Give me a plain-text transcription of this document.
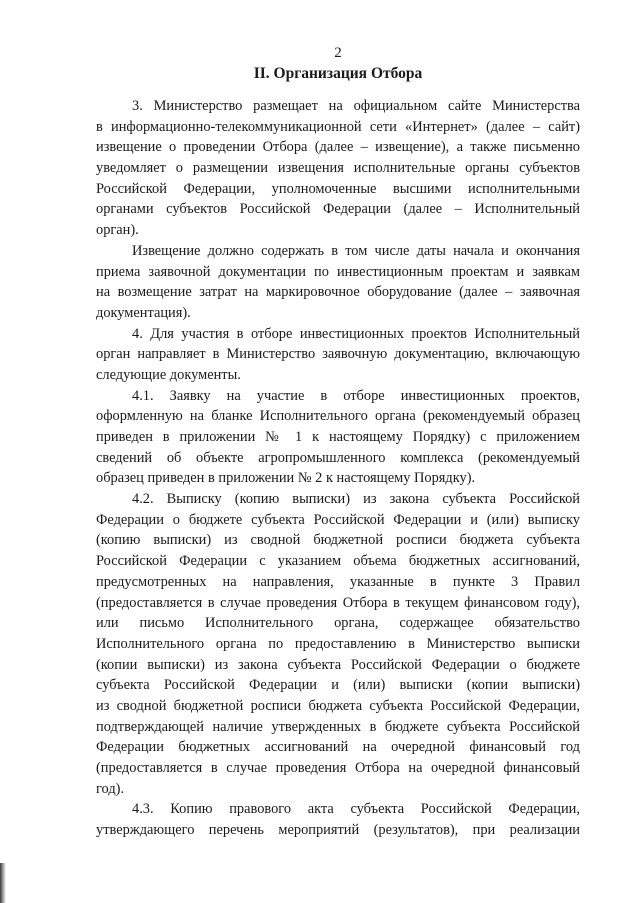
2
II. Организация Отбора
3. Министерство размещает на официальном сайте Министерства
в информационно-телекоммуникационной сети «Интернет» (далее – сайт)
извещение о проведении Отбора (далее – извещение), а также письменно
уведомляет о размещении извещения исполнительные органы субъектов
Российской Федерации, уполномоченные высшими исполнительными
органами субъектов Российской Федерации (далее – Исполнительный
орган).
Извещение должно содержать в том числе даты начала и окончания
приема заявочной документации по инвестиционным проектам и заявкам
на возмещение затрат на маркировочное оборудование (далее – заявочная
документация).
4. Для участия в отборе инвестиционных проектов Исполнительный
орган направляет в Министерство заявочную документацию, включающую
следующие документы.
4.1. Заявку на участие в отборе инвестиционных проектов,
оформленную на бланке Исполнительного органа (рекомендуемый образец
приведен в приложении № 1 к настоящему Порядку) с приложением
сведений об объекте агропромышленного комплекса (рекомендуемый
образец приведен в приложении № 2 к настоящему Порядку).
4.2. Выписку (копию выписки) из закона субъекта Российской
Федерации о бюджете субъекта Российской Федерации и (или) выписку
(копию выписки) из сводной бюджетной росписи бюджета субъекта
Российской Федерации с указанием объема бюджетных ассигнований,
предусмотренных на направления, указанные в пункте 3 Правил
(предоставляется в случае проведения Отбора в текущем финансовом году),
или письмо Исполнительного органа, содержащее обязательство
Исполнительного органа по предоставлению в Министерство выписки
(копии выписки) из закона субъекта Российской Федерации о бюджете
субъекта Российской Федерации и (или) выписки (копии выписки)
из сводной бюджетной росписи бюджета субъекта Российской Федерации,
подтверждающей наличие утвержденных в бюджете субъекта Российской
Федерации бюджетных ассигнований на очередной финансовый год
(предоставляется в случае проведения Отбора на очередной финансовый
год).
4.3. Копию правового акта субъекта Российской Федерации,
утверждающего перечень мероприятий (результатов), при реализации
